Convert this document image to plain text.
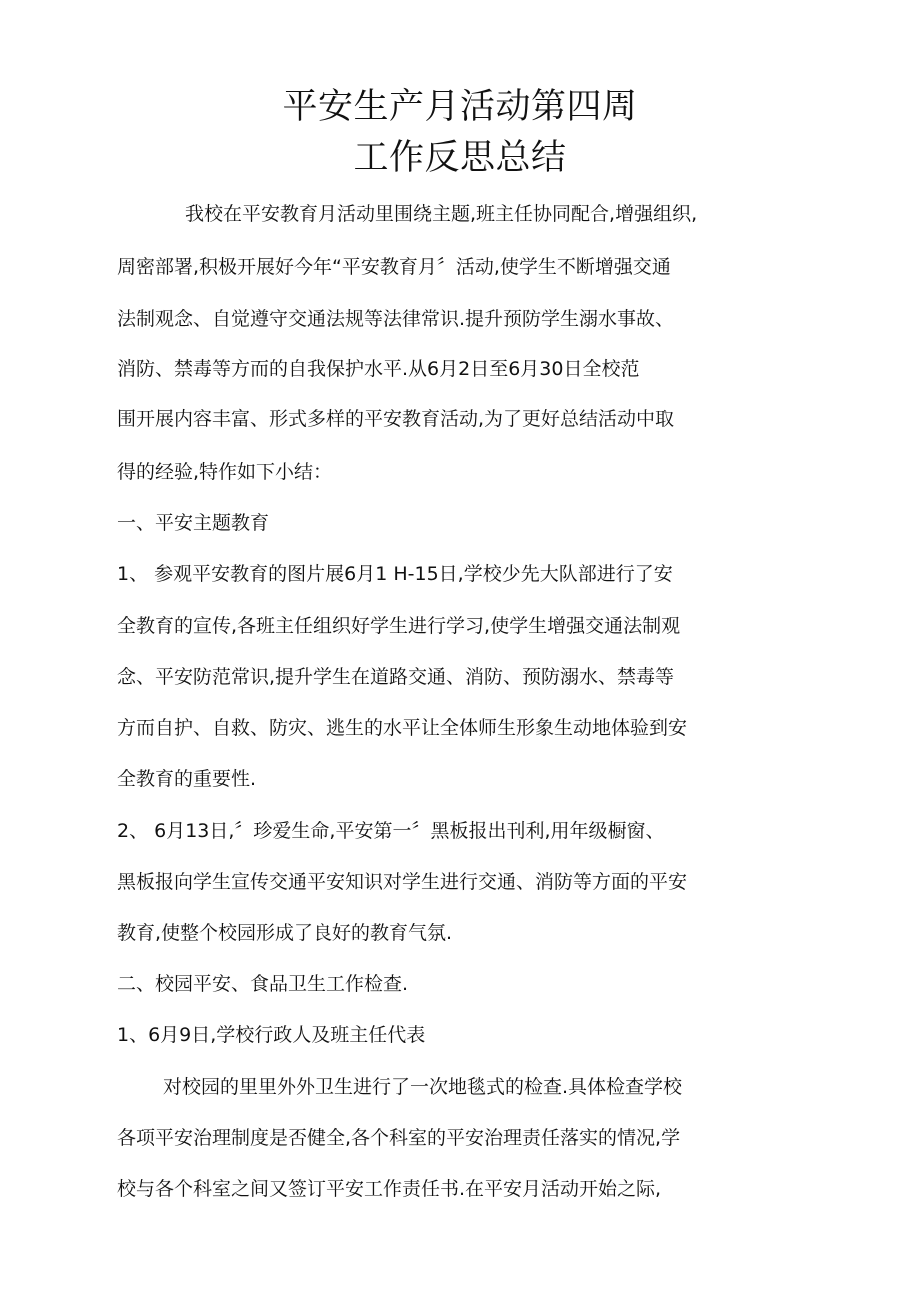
平安生产月活动第四周
工作反思总结

我校在平安教育月活动里围绕主题,班主任协同配合,增强组织,

周密部署,积极开展好今年“平安教育月〞活动,使学生不断增强交通

法制观念、自觉遵守交通法规等法律常识.提升预防学生溺水事故、

消防、禁毒等方而的自我保护水平.从6月2日至6月30日全校范

围开展内容丰富、形式多样的平安教育活动,为了更好总结活动中取

得的经验,特作如下小结：

一、平安主题教育

1、 参观平安教育的图片展6月1 H-15日,学校少先大队部进行了安

全教育的宣传,各班主任组织好学生进行学习,使学生增强交通法制观

念、平安防范常识,提升学生在道路交通、消防、预防溺水、禁毒等

方而自护、自救、防灾、逃生的水平让全体师生形象生动地体验到安

全教育的重要性.

2、 6月13日,〞珍爱生命,平安第一〞黑板报出刊利,用年级橱窗、

黑板报向学生宣传交通平安知识对学生进行交通、消防等方面的平安

教育,使整个校园形成了良好的教育气氛.

二、校园平安、食品卫生工作检查.

1、6月9日,学校行政人及班主任代表

对校园的里里外外卫生进行了一次地毯式的检查.具体检查学校

各项平安治理制度是否健全,各个科室的平安治理责任落实的情况,学

校与各个科室之间又签订平安工作责任书.在平安月活动开始之际,
